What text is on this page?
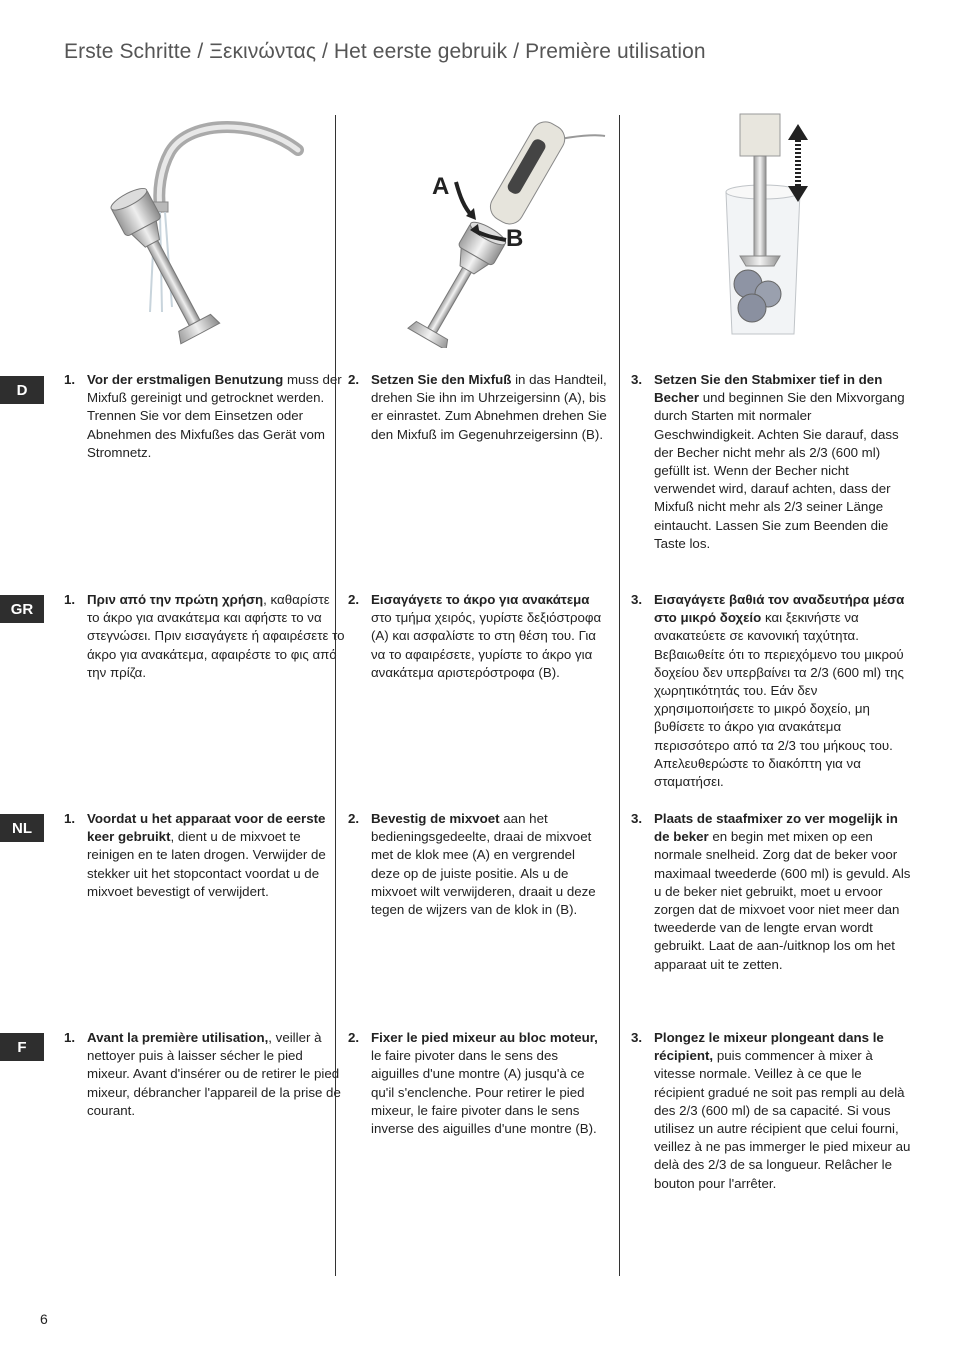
Erste Schritte / Ξεκινώντας / Het eerste gebruik / Première utilisation
A
B
D
GR
NL
F
1. Vor der erstmaligen Benutzung muss der Mixfuß gereinigt und getrocknet werden. Trennen Sie vor dem Einsetzen oder Abnehmen des Mixfußes das Gerät vom Stromnetz.
2. Setzen Sie den Mixfuß in das Handteil, drehen Sie ihn im Uhrzeigersinn (A), bis er einrastet. Zum Abnehmen drehen Sie den Mixfuß im Gegenuhrzeigersinn (B).
3. Setzen Sie den Stabmixer tief in den Becher und beginnen Sie den Mixvorgang durch Starten mit normaler Geschwindigkeit. Achten Sie darauf, dass der Becher nicht mehr als 2/3 (600 ml) gefüllt ist. Wenn der Becher nicht verwendet wird, darauf achten, dass der Mixfuß nicht mehr als 2/3 seiner Länge eintaucht. Lassen Sie zum Beenden die Taste los.
1. Πριν από την πρώτη χρήση, καθαρίστε το άκρο για ανακάτεμα και αφήστε το να στεγνώσει. Πριν εισαγάγετε ή αφαιρέσετε το άκρο για ανακάτεμα, αφαιρέστε το φις από την πρίζα.
2. Εισαγάγετε το άκρο για ανακάτεμα στο τμήμα χειρός, γυρίστε δεξιόστροφα (A) και ασφαλίστε το στη θέση του. Για να το αφαιρέσετε, γυρίστε το άκρο για ανακάτεμα αριστερόστροφα (B).
3. Εισαγάγετε βαθιά τον αναδευτήρα μέσα στο μικρό δοχείο και ξεκινήστε να ανακατεύετε σε κανονική ταχύτητα. Βεβαιωθείτε ότι το περιεχόμενο του μικρού δοχείου δεν υπερβαίνει τα 2/3 (600 ml) της χωρητικότητάς του. Εάν δεν χρησιμοποιήσετε το μικρό δοχείο, μη βυθίσετε το άκρο για ανακάτεμα περισσότερο από τα 2/3 του μήκους του. Απελευθερώστε το διακόπτη για να σταματήσει.
1. Voordat u het apparaat voor de eerste keer gebruikt, dient u de mixvoet te reinigen en te laten drogen. Verwijder de stekker uit het stopcontact voordat u de mixvoet bevestigt of verwijdert.
2. Bevestig de mixvoet aan het bedieningsgedeelte, draai de mixvoet met de klok mee (A) en vergrendel deze op de juiste positie. Als u de mixvoet wilt verwijderen, draait u deze tegen de wijzers van de klok in (B).
3. Plaats de staafmixer zo ver mogelijk in de beker en begin met mixen op een normale snelheid. Zorg dat de beker voor maximaal tweederde (600 ml) is gevuld. Als u de beker niet gebruikt, moet u ervoor zorgen dat de mixvoet voor niet meer dan tweederde van de lengte ervan wordt gebruikt. Laat de aan-/uitknop los om het apparaat uit te zetten.
1. Avant la première utilisation,, veiller à nettoyer puis à laisser sécher le pied mixeur. Avant d'insérer ou de retirer le pied mixeur, débrancher l'appareil de la prise de courant.
2. Fixer le pied mixeur au bloc moteur, le faire pivoter dans le sens des aiguilles d'une montre (A) jusqu'à ce qu'il s'enclenche. Pour retirer le pied mixeur, le faire pivoter dans le sens inverse des aiguilles d'une montre (B).
3. Plongez le mixeur plongeant dans le récipient, puis commencer à mixer à vitesse normale. Veillez à ce que le récipient gradué ne soit pas rempli au delà des 2/3 (600 ml) de sa capacité. Si vous utilisez un autre récipient que celui fourni, veillez à ne pas immerger le pied mixeur au delà des 2/3 de sa longueur. Relâcher le bouton pour l'arrêter.
6
